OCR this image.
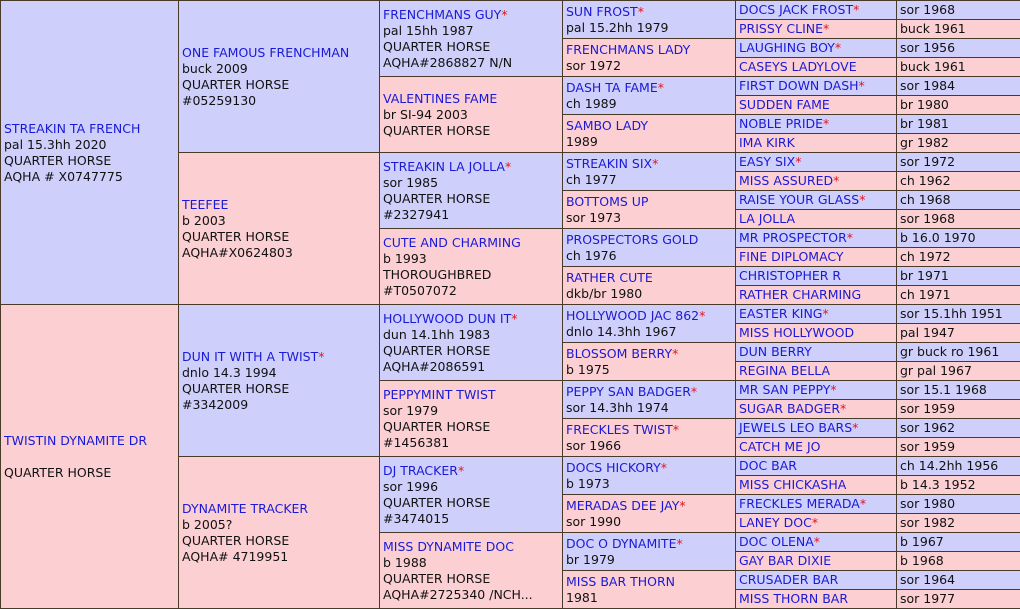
STREAKIN TA FRENCH
pal 15.3hh 2020
QUARTER HORSE
AQHA # X0747775	ONE FAMOUS FRENCHMAN
buck 2009
QUARTER HORSE
#05259130	FRENCHMANS GUY*
pal 15hh 1987
QUARTER HORSE
AQHA#2868827 N/N	SUN FROST*
pal 15.2hh 1979	DOCS JACK FROST*	sor 1968
				PRISSY CLINE*	buck 1961
			FRENCHMANS LADY
sor 1972	LAUGHING BOY*	sor 1956
				CASEYS LADYLOVE	buck 1961
		VALENTINES FAME
br SI-94 2003
QUARTER HORSE	DASH TA FAME*
ch 1989	FIRST DOWN DASH*	sor 1984
				SUDDEN FAME	br 1980
			SAMBO LADY
1989	NOBLE PRIDE*	br 1981
				IMA KIRK	gr 1982
	TEEFEE
b 2003
QUARTER HORSE
AQHA#X0624803	STREAKIN LA JOLLA*
sor 1985
QUARTER HORSE
#2327941	STREAKIN SIX*
ch 1977	EASY SIX*	sor 1972
				MISS ASSURED*	ch 1962
			BOTTOMS UP
sor 1973	RAISE YOUR GLASS*	ch 1968
				LA JOLLA	sor 1968
		CUTE AND CHARMING
b 1993
THOROUGHBRED
#T0507072	PROSPECTORS GOLD
ch 1976	MR PROSPECTOR*	b 16.0 1970
				FINE DIPLOMACY	ch 1972
			RATHER CUTE
dkb/br 1980	CHRISTOPHER R	br 1971
				RATHER CHARMING	ch 1971
TWISTIN DYNAMITE DR
QUARTER HORSE	DUN IT WITH A TWIST*
dnlo 14.3 1994
QUARTER HORSE
#3342009	HOLLYWOOD DUN IT*
dun 14.1hh 1983
QUARTER HORSE
AQHA#2086591	HOLLYWOOD JAC 862*
dnlo 14.3hh 1967	EASTER KING*	sor 15.1hh 1951
				MISS HOLLYWOOD	pal 1947
			BLOSSOM BERRY*
b 1975	DUN BERRY	gr buck ro 1961
				REGINA BELLA	gr pal 1967
		PEPPYMINT TWIST
sor 1979
QUARTER HORSE
#1456381	PEPPY SAN BADGER*
sor 14.3hh 1974	MR SAN PEPPY*	sor 15.1 1968
				SUGAR BADGER*	sor 1959
			FRECKLES TWIST*
sor 1966	JEWELS LEO BARS*	sor 1962
				CATCH ME JO	sor 1959
	DYNAMITE TRACKER
b 2005?
QUARTER HORSE
AQHA# 4719951	DJ TRACKER*
sor 1996
QUARTER HORSE
#3474015	DOCS HICKORY*
b 1973	DOC BAR	ch 14.2hh 1956
				MISS CHICKASHA	b 14.3 1952
			MERADAS DEE JAY*
sor 1990	FRECKLES MERADA*	sor 1980
				LANEY DOC*	sor 1982
		MISS DYNAMITE DOC
b 1988
QUARTER HORSE
AQHA#2725340 /NCH...	DOC O DYNAMITE*
br 1979	DOC OLENA*	b 1967
				GAY BAR DIXIE	b 1968
			MISS BAR THORN
1981	CRUSADER BAR	sor 1964
				MISS THORN BAR	sor 1977
